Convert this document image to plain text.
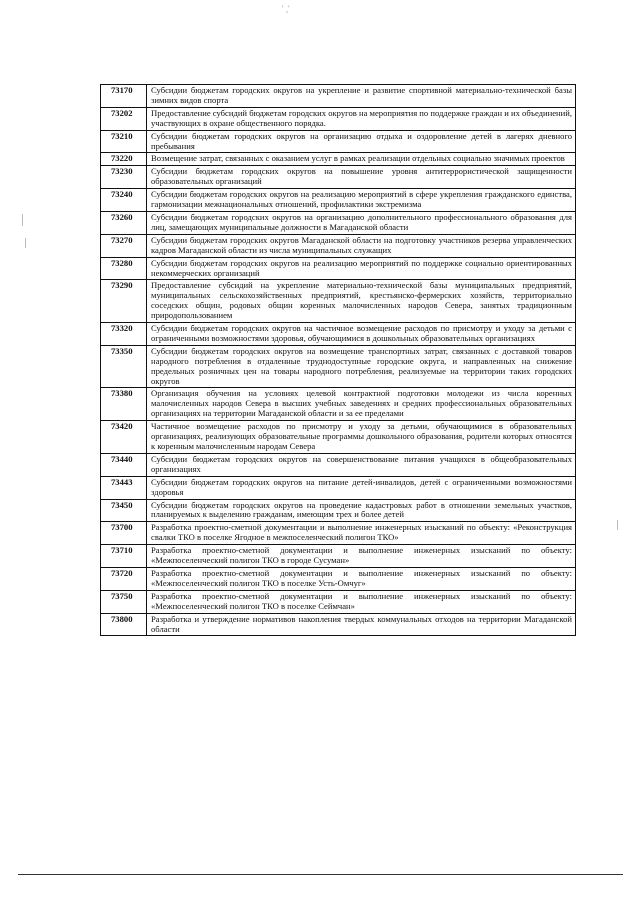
' ¸'
73170	Субсидии бюджетам городских округов на укрепление и развитие спортивной материально-технической базы зимних видов спорта
73202	Предоставление субсидий бюджетам городских округов на мероприятия по поддержке граждан и их объединений, участвующих в охране общественного порядка.
73210	Субсидии бюджетам городских округов на организацию отдыха и оздоровление детей в лагерях дневного пребывания
73220	Возмещение затрат, связанных с оказанием услуг в рамках реализации отдельных социально значимых проектов
73230	Субсидии бюджетам городских округов на повышение уровня антитеррористической защищенности образовательных организаций
73240	Субсидии бюджетам городских округов на реализацию мероприятий в сфере укрепления гражданского единства, гармонизации межнациональных отношений, профилактики экстремизма
73260	Субсидии бюджетам городских округов на организацию дополнительного профессионального образования для лиц, замещающих муниципальные должности в Магаданской области
73270	Субсидии бюджетам городских округов Магаданской области на подготовку участников резерва управленческих кадров Магаданской области из числа муниципальных служащих
73280	Субсидии бюджетам городских округов на реализацию мероприятий по поддержке социально ориентированных некоммерческих организаций
73290	Предоставление субсидий на укрепление материально-технической базы муниципальных предприятий, муниципальных сельскохозяйственных предприятий, крестьянско-фермерских хозяйств, территориально соседских общин, родовых общин коренных малочисленных народов Севера, занятых традиционным природопользованием
73320	Субсидии бюджетам городских округов на частичное возмещение расходов по присмотру и уходу за детьми с ограниченными возможностями здоровья, обучающимися в дошкольных образовательных организациях
73350	Субсидии бюджетам городских округов на возмещение транспортных затрат, связанных с доставкой товаров народного потребления в отдаленные труднодоступные городские округа, и направленных на снижение предельных розничных цен на товары народного потребления, реализуемые на территории таких городских округов
73380	Организация обучения на условиях целевой контрактной подготовки молодежи из числа коренных малочисленных народов Севера в высших учебных заведениях и средних профессиональных образовательных организациях на территории Магаданской области и за ее пределами
73420	Частичное возмещение расходов по присмотру и уходу за детьми, обучающимися в образовательных организациях, реализующих образовательные программы дошкольного образования, родители которых относятся к коренным малочисленным народам Севера
73440	Субсидии бюджетам городских округов на совершенствование питания учащихся в общеобразовательных организациях
73443	Субсидии бюджетам городских округов на питание детей-инвалидов, детей с ограниченными возможностями здоровья
73450	Субсидии бюджетам городских округов на проведение кадастровых работ в отношении земельных участков, планируемых к выделению гражданам, имеющим трех и более детей
73700	Разработка проектно-сметной документации и выполнение инженерных изысканий по объекту: «Реконструкция свалки ТКО в поселке Ягодное в межпоселенческий полигон ТКО»
73710	Разработка проектно-сметной документации и выполнение инженерных изысканий по объекту: «Межпоселенческий полигон ТКО в городе Сусуман»
73720	Разработка проектно-сметной документации и выполнение инженерных изысканий по объекту: «Межпоселенческий полигон ТКО в поселке Усть-Омчуг»
73750	Разработка проектно-сметной документации и выполнение инженерных изысканий по объекту: «Межпоселенческий полигон ТКО в поселке Сеймчан»
73800	Разработка и утверждение нормативов накопления твердых коммунальных отходов на территории Магаданской области
